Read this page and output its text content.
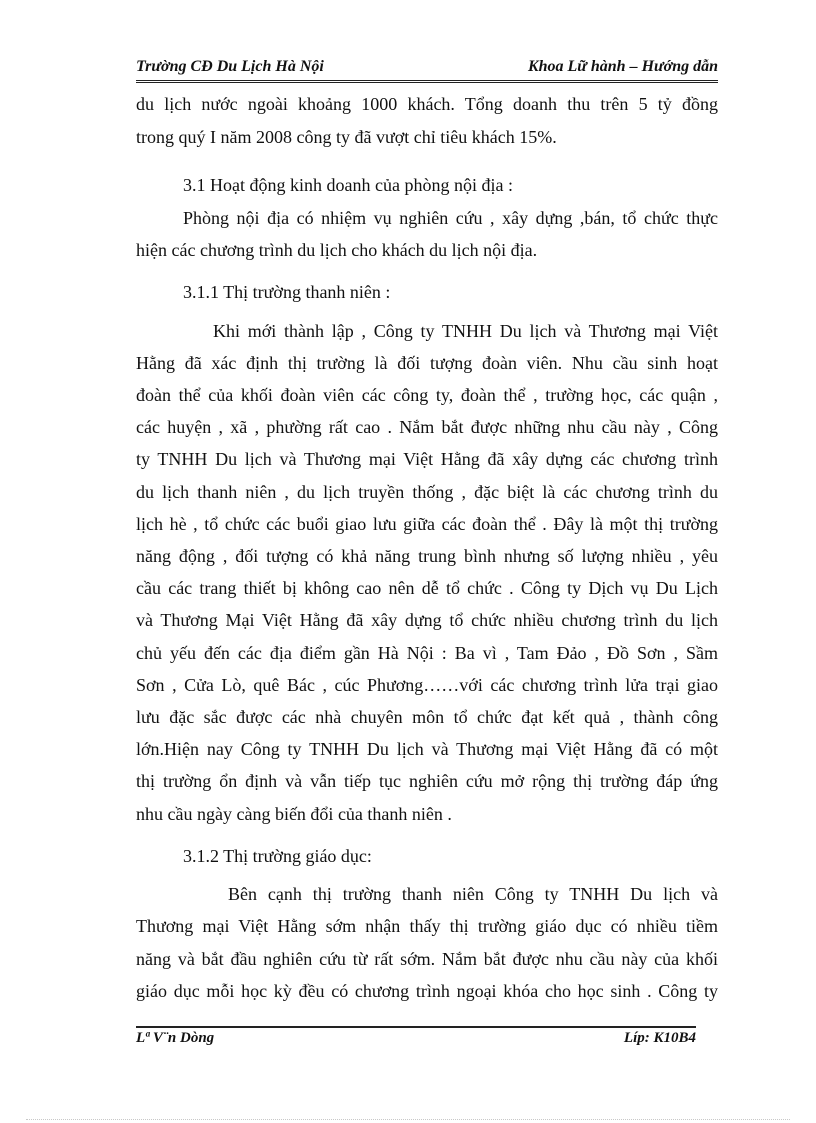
Trường CĐ Du Lịch Hà Nội	Khoa Lữ hành – Hướng dẫn
du lịch nước ngoài khoảng 1000 khách. Tổng doanh thu trên 5 tỷ đồng
trong quý I năm 2008 công ty đã vượt chỉ tiêu khách 15%.
3.1 Hoạt động kinh doanh của phòng nội địa :
Phòng nội địa có nhiệm vụ nghiên cứu , xây dựng ,bán, tổ chức thực
hiện các chương trình du lịch cho khách du lịch nội địa.
3.1.1 Thị trường thanh niên :
Khi mới thành lập , Công ty TNHH Du lịch và Thương mại Việt
Hằng đã xác định thị trường là đối tượng đoàn viên. Nhu cầu sinh hoạt
đoàn thể của khối đoàn viên các công ty, đoàn thể , trường học, các quận ,
các huyện , xã , phường rất cao . Nắm bắt được những nhu cầu này , Công
ty TNHH Du lịch và Thương mại Việt Hằng đã xây dựng các chương trình
du lịch thanh niên , du lịch truyền thống , đặc biệt là các chương trình du
lịch hè , tổ chức các buổi giao lưu giữa các đoàn thể . Đây là một thị trường
năng động , đối tượng có khả năng trung bình nhưng số lượng nhiều , yêu
cầu các trang thiết bị không cao nên dễ tổ chức . Công ty Dịch vụ Du Lịch
và Thương Mại Việt Hằng đã xây dựng tổ chức nhiều chương trình du lịch
chủ yếu đến các địa điểm gần Hà Nội : Ba vì , Tam Đảo , Đồ Sơn , Sầm
Sơn , Cửa Lò, quê Bác , cúc Phương……với các chương trình lửa trại giao
lưu đặc sắc được các nhà chuyên môn tổ chức đạt kết quả , thành công
lớn.Hiện nay Công ty TNHH Du lịch và Thương mại Việt Hằng đã có một
thị trường ổn định và vẫn tiếp tục nghiên cứu mở rộng thị trường đáp ứng
nhu cầu ngày càng biến đổi của thanh niên .
3.1.2 Thị trường giáo dục:
Bên cạnh thị trường thanh niên Công ty TNHH Du lịch và
Thương mại Việt Hằng sớm nhận thấy thị trường giáo dục có nhiều tiềm
năng và bắt đầu nghiên cứu từ rất sớm. Nắm bắt được nhu cầu này của khối
giáo dục mỗi học kỳ đều có chương trình ngoại khóa cho học sinh . Công ty
Lª V¨n Dòng	Líp: K10B4
